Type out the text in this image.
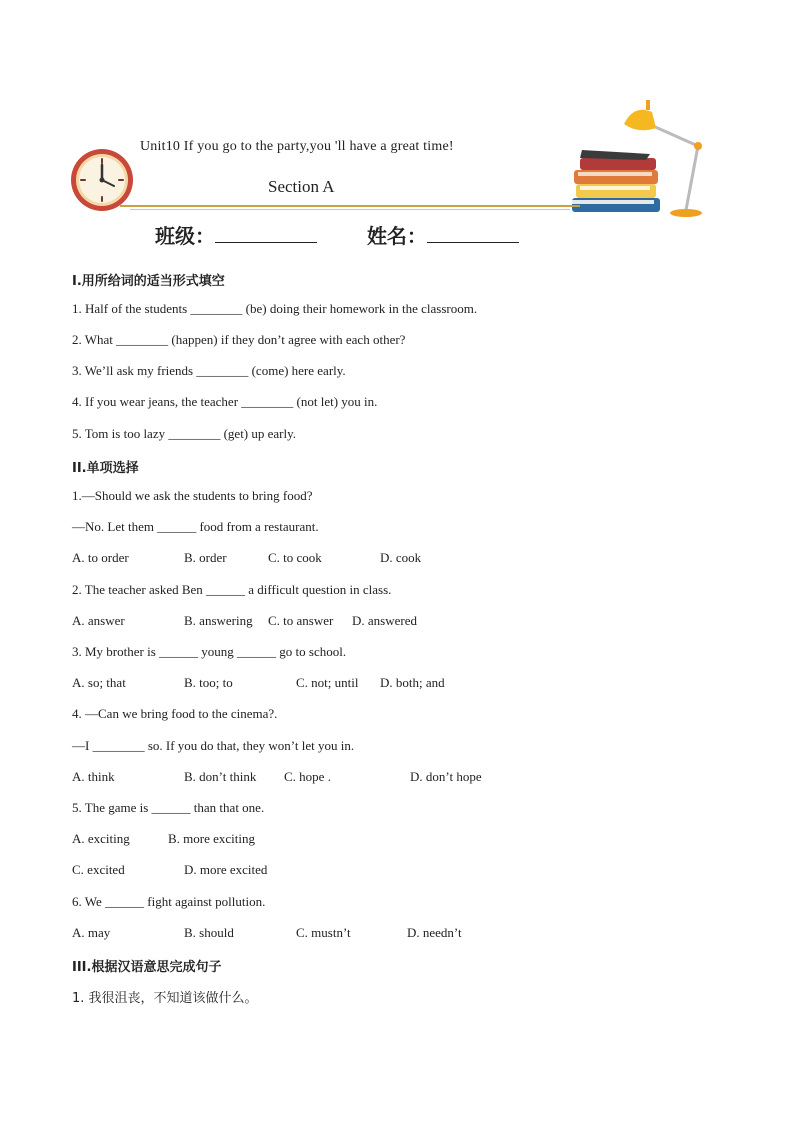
Unit10 If you go to the party,you 'll have a great time!
Section A
班级：	姓名：
I.用所给词的适当形式填空
1. Half of the students ________ (be) doing their homework in the classroom.
2. What ________ (happen) if they don’t agree with each other?
3. We’ll ask my friends ________ (come) here early.
4. If you wear jeans, the teacher ________ (not let) you in.
5. Tom is too lazy ________ (get) up early.
II.单项选择
1.—Should we ask the students to bring food?
—No. Let them ______ food from a restaurant.
A. to order	B. order	C. to cook	D. cook
2. The teacher asked Ben ______ a difficult question in class.
A. answer	B. answering C. to answer D. answered
3. My brother is ______ young ______ go to school.
A. so; that	B. too; to	C. not; until D. both; and
4. —Can we bring food to the cinema?.
—I ________ so. If you do that, they won’t let you in.
A. think	B. don’t think C. hope .	D. don’t hope
5. The game is ______ than that one.
A. exciting	B. more exciting
C. excited	D. more excited
6. We ______ fight against pollution.
A. may	B. should	C. mustn’t	D. needn’t
III.根据汉语意思完成句子
1. 我很沮丧，不知道该做什么。
